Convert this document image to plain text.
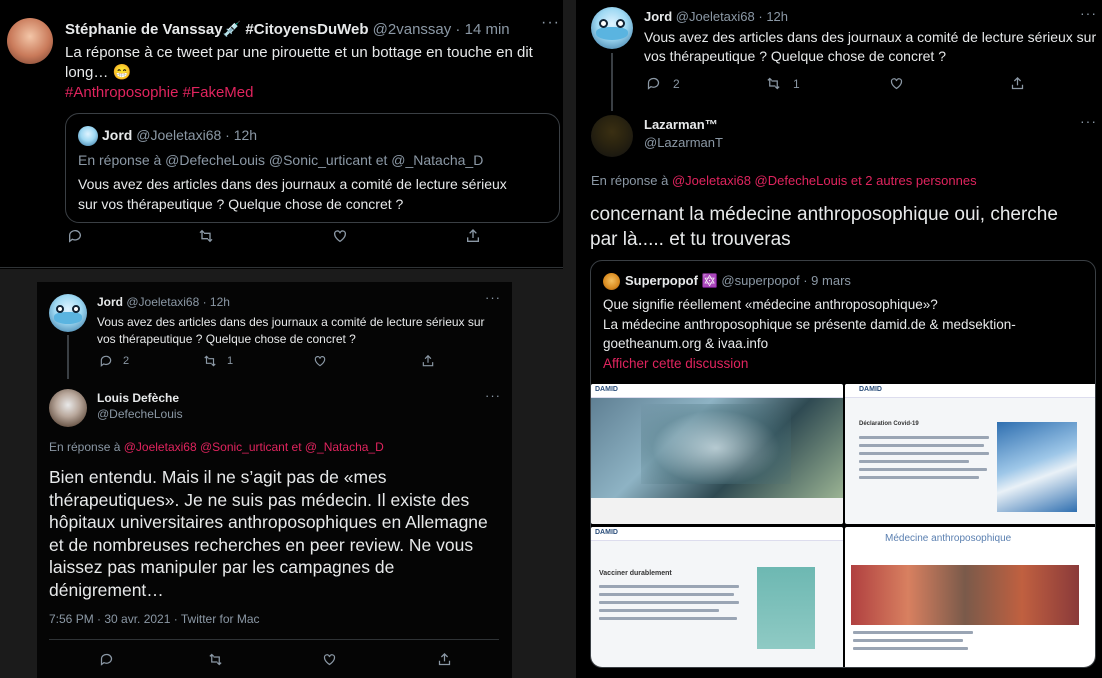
Stéphanie de Vanssay💉 #CitoyensDuWeb @2vanssay · 14 min ···
La réponse à ce tweet par une pirouette et un bottage en touche en dit
long… 😁
#Anthroposophie #FakeMed
Jord @Joeletaxi68 · 12h
En réponse à @DefecheLouis @Sonic_urticant et @_Natacha_D
Vous avez des articles dans des journaux a comité de lecture sérieux
sur vos thérapeutique ? Quelque chose de concret ?
Jord @Joeletaxi68 · 12h	···
Vous avez des articles dans des journaux a comité de lecture sérieux sur
vos thérapeutique ? Quelque chose de concret ?
2	1
Louis Defèche
@DefecheLouis
···
En réponse à @Joeletaxi68 @Sonic_urticant et @_Natacha_D
Bien entendu. Mais il ne s’agit pas de «mes
thérapeutiques». Je ne suis pas médecin. Il existe des
hôpitaux universitaires anthroposophiques en Allemagne
et de nombreuses recherches en peer review. Ne vous
laissez pas manipuler par les campagnes de
dénigrement…
7:56 PM · 30 avr. 2021 · Twitter for Mac
Jord @Joeletaxi68 · 12h	···
Vous avez des articles dans des journaux a comité de lecture sérieux sur
vos thérapeutique ? Quelque chose de concret ?
2	1
Lazarman™
@LazarmanT
···
En réponse à @Joeletaxi68 @DefecheLouis et 2 autres personnes
concernant la médecine anthroposophique oui, cherche
par là..... et tu trouveras
Superpopof 🔯 @superpopof · 9 mars
Que signifie réellement «médecine anthroposophique»?
La médecine anthroposophique se présente damid.de & medsektion-
goetheanum.org & ivaa.info
Afficher cette discussion
DAMID	DAMID
Déclaration Covid-19
DAMID
Vacciner durablement
Médecine anthroposophique
